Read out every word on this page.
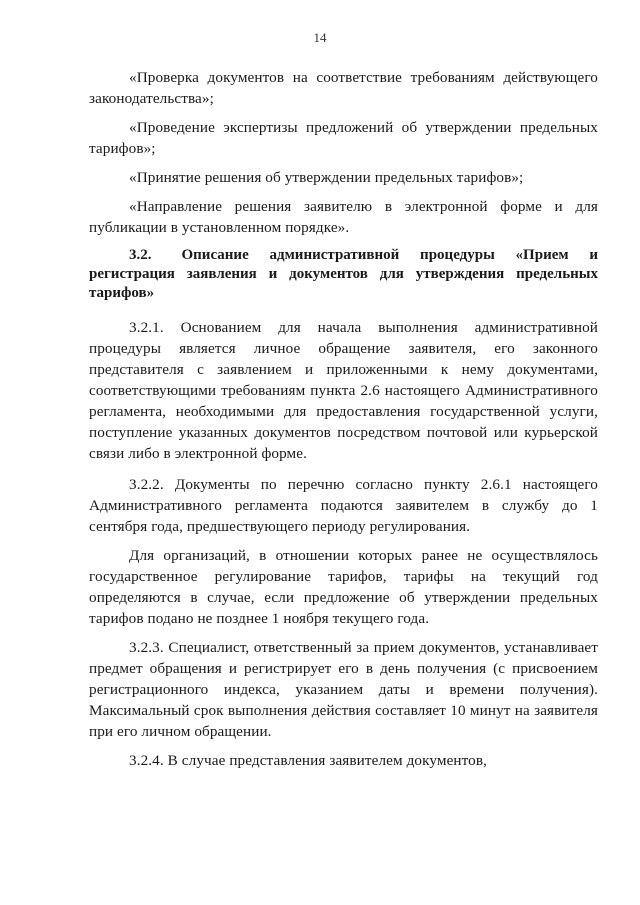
14

«Проверка документов на соответствие требованиям действующего законодательства»;

«Проведение экспертизы предложений об утверждении предельных тарифов»;

«Принятие решения об утверждении предельных тарифов»;

«Направление решения заявителю в электронной форме и для публикации в установленном порядке».

3.2. Описание административной процедуры «Прием и регистрация заявления и документов для утверждения предельных тарифов»

3.2.1. Основанием для начала выполнения административной процедуры является личное обращение заявителя, его законного представителя с заявлением и приложенными к нему документами, соответствующими требованиям пункта 2.6 настоящего Административного регламента, необходимыми для предоставления государственной услуги, поступление указанных документов посредством почтовой или курьерской связи либо в электронной форме.

3.2.2. Документы по перечню согласно пункту 2.6.1 настоящего Административного регламента подаются заявителем в службу до 1 сентября года, предшествующего периоду регулирования.

Для организаций, в отношении которых ранее не осуществлялось государственное регулирование тарифов, тарифы на текущий год определяются в случае, если предложение об утверждении предельных тарифов подано не позднее 1 ноября текущего года.

3.2.3. Специалист, ответственный за прием документов, устанавливает предмет обращения и регистрирует его в день получения (с присвоением регистрационного индекса, указанием даты и времени получения). Максимальный срок выполнения действия составляет 10 минут на заявителя при его личном обращении.

3.2.4. В случае представления заявителем документов,
